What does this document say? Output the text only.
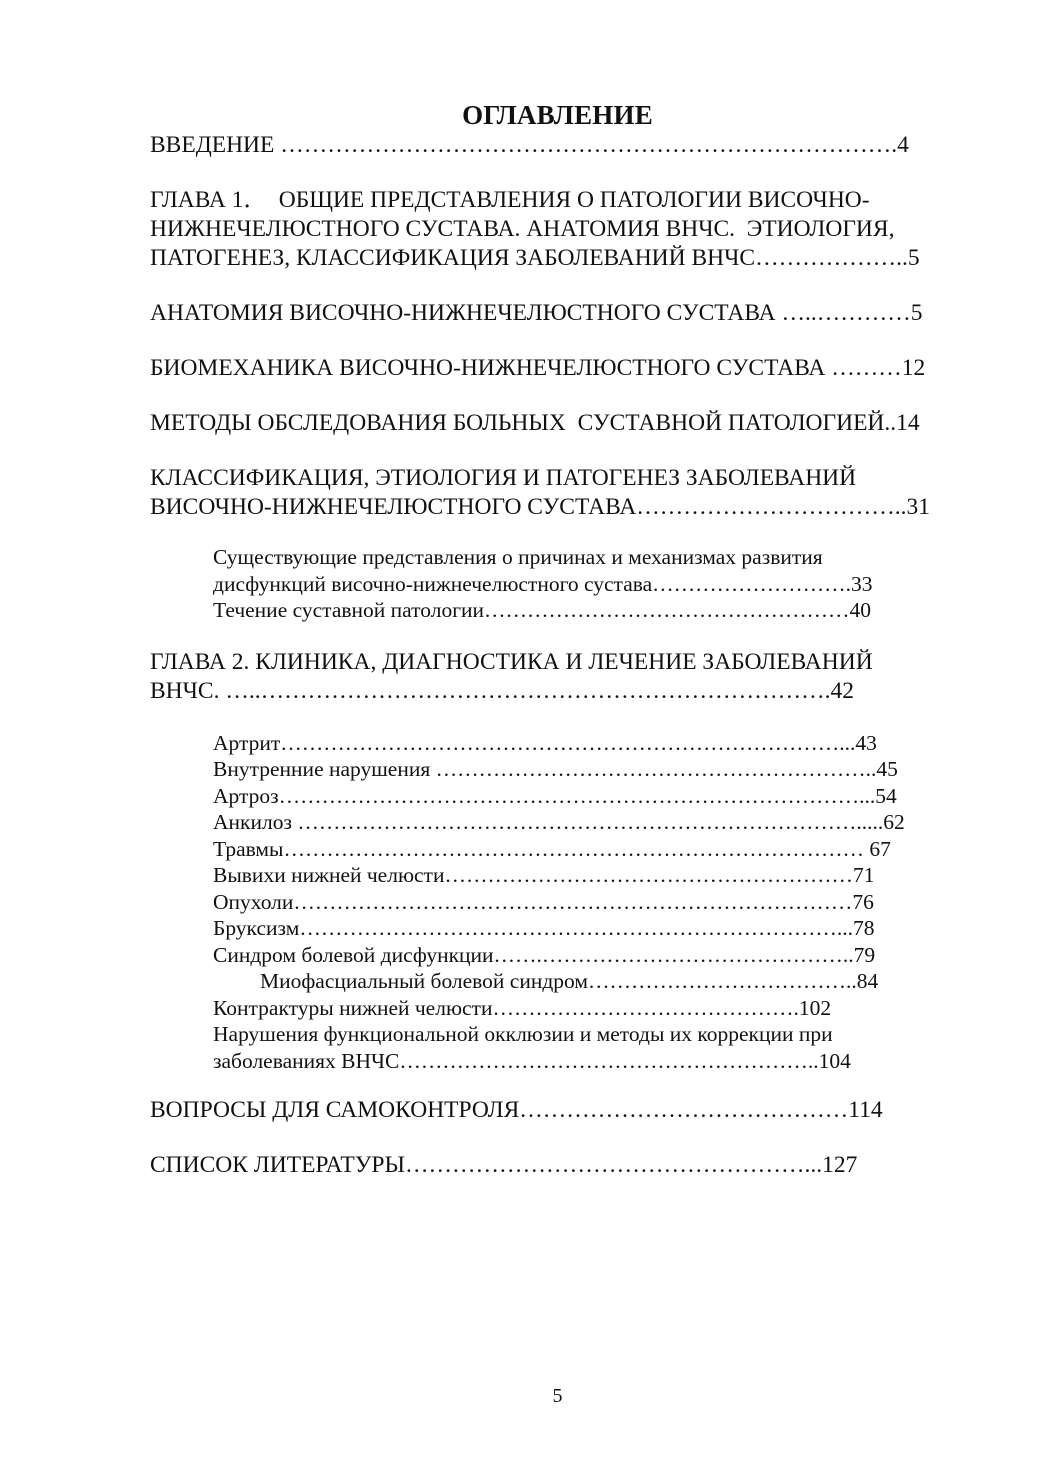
ОГЛАВЛЕНИЕ
ВВЕДЕНИЕ …………………………………………………………………….4
ГЛАВА 1．  ОБЩИЕ ПРЕДСТАВЛЕНИЯ О ПАТОЛОГИИ ВИСОЧНО-
НИЖНЕЧЕЛЮСТНОГО СУСТАВА. АНАТОМИЯ ВНЧС.  ЭТИОЛОГИЯ,
ПАТОГЕНЕЗ, КЛАССИФИКАЦИЯ ЗАБОЛЕВАНИЙ ВНЧС………………..5
АНАТОМИЯ ВИСОЧНО-НИЖНЕЧЕЛЮСТНОГО СУСТАВА …..…………5
БИОМЕХАНИКА ВИСОЧНО-НИЖНЕЧЕЛЮСТНОГО СУСТАВА ………12
МЕТОДЫ ОБСЛЕДОВАНИЯ БОЛЬНЫХ  СУСТАВНОЙ ПАТОЛОГИЕЙ..14
КЛАССИФИКАЦИЯ, ЭТИОЛОГИЯ И ПАТОГЕНЕЗ ЗАБОЛЕВАНИЙ
ВИСОЧНО-НИЖНЕЧЕЛЮСТНОГО СУСТАВА……………………………..31
Существующие представления о причинах и механизмах развития
дисфункций височно-нижнечелюстного сустава……………………….33
Течение суставной патологии……………………………………………40
ГЛАВА 2. КЛИНИКА, ДИАГНОСТИКА И ЛЕЧЕНИЕ ЗАБОЛЕВАНИЙ
ВНЧС. …..……………………………………………………………….42
Артрит……………………………………………………………………...43
Внутренние нарушения ……………………………………………………..45
Артроз………………………………………………………………………...54
Анкилоз …………………………………………………………………….....62
Травмы……………………………………………………………………… 67
Вывихи нижней челюсти…………………………………………………71
Опухоли……………………………………………………………………76
Бруксизм…………………………………………………………………...78
Синдром болевой дисфункции…….……………………………………..79
Миофасциальный болевой синдром………………………………..84
Контрактуры нижней челюсти…………………………………….102
Нарушения функциональной окклюзии и методы их коррекции при
заболеваниях ВНЧС…………………………………………………..104
ВОПРОСЫ ДЛЯ САМОКОНТРОЛЯ……………………………………114
СПИСОК ЛИТЕРАТУРЫ……………………………………………...127
5
